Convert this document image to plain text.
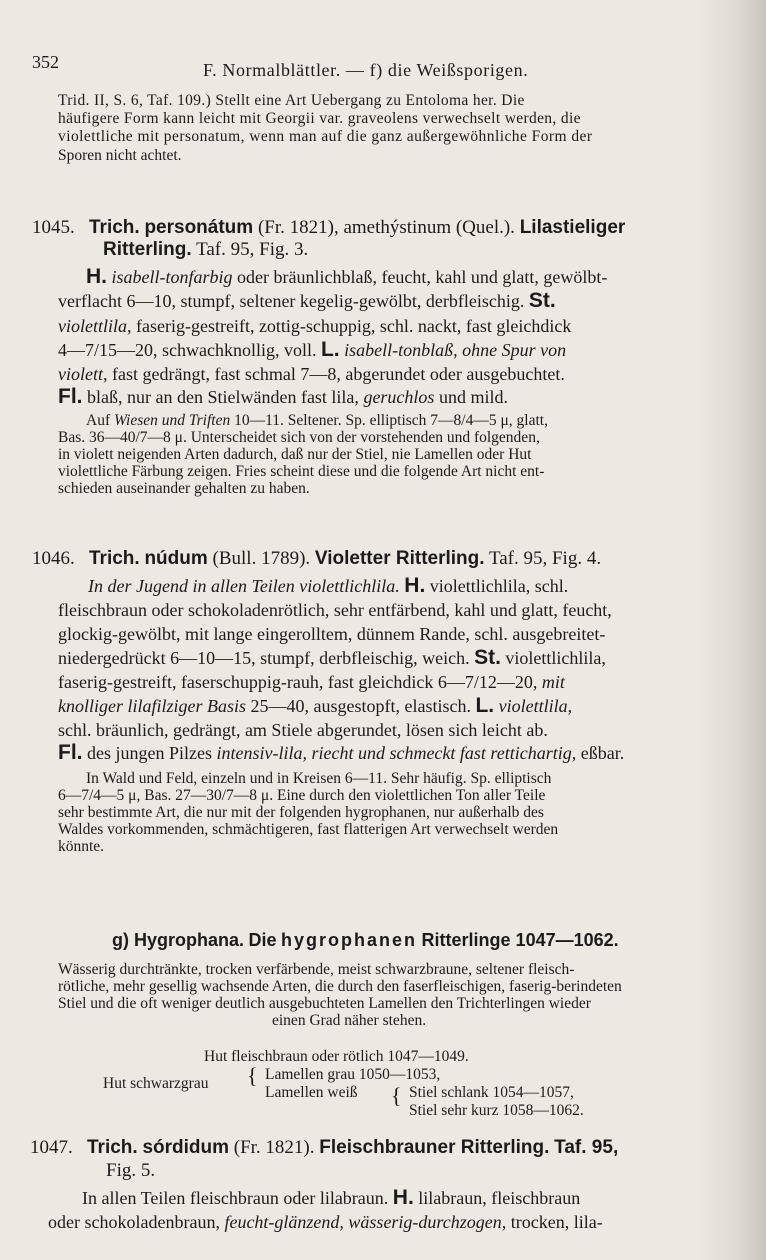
352	F. Normalblättler. — f) die Weißsporigen.
Trid. II, S. 6, Taf. 109.) Stellt eine Art Uebergang zu Entoloma her. Die
häufigere Form kann leicht mit Georgii var. graveolens verwechselt werden, die
violettliche mit personatum, wenn man auf die ganz außergewöhnliche Form der
Sporen nicht achtet.
1045. Trich. personátum (Fr. 1821), amethýstinum (Quel.). Lilastieliger
Ritterling. Taf. 95, Fig. 3.
H. isabell-tonfarbig oder bräunlichblaß, feucht, kahl und glatt, gewölbt-
verflacht 6—10, stumpf, seltener kegelig-gewölbt, derbfleischig. St.
violettlila, faserig-gestreift, zottig-schuppig, schl. nackt, fast gleichdick
4—7/15—20, schwachknollig, voll. L. isabell-tonblaß, ohne Spur von
violett, fast gedrängt, fast schmal 7—8, abgerundet oder ausgebuchtet.
Fl. blaß, nur an den Stielwänden fast lila, geruchlos und mild.
Auf Wiesen und Triften 10—11. Seltener. Sp. elliptisch 7—8/4—5 μ, glatt,
Bas. 36—40/7—8 μ. Unterscheidet sich von der vorstehenden und folgenden,
in violett neigenden Arten dadurch, daß nur der Stiel, nie Lamellen oder Hut
violettliche Färbung zeigen. Fries scheint diese und die folgende Art nicht ent-
schieden auseinander gehalten zu haben.
1046. Trich. núdum (Bull. 1789). Violetter Ritterling. Taf. 95, Fig. 4.
In der Jugend in allen Teilen violettlichlila. H. violettlichlila, schl.
fleischbraun oder schokoladenrötlich, sehr entfärbend, kahl und glatt, feucht,
glockig-gewölbt, mit lange eingerolltem, dünnem Rande, schl. ausgebreitet-
niedergedrückt 6—10—15, stumpf, derbfleischig, weich. St. violettlichlila,
faserig-gestreift, faserschuppig-rauh, fast gleichdick 6—7/12—20, mit
knolliger lilafilziger Basis 25—40, ausgestopft, elastisch. L. violettlila,
schl. bräunlich, gedrängt, am Stiele abgerundet, lösen sich leicht ab.
Fl. des jungen Pilzes intensiv-lila, riecht und schmeckt fast rettichartig, eßbar.
In Wald und Feld, einzeln und in Kreisen 6—11. Sehr häufig. Sp. elliptisch
6—7/4—5 μ, Bas. 27—30/7—8 μ. Eine durch den violettlichen Ton aller Teile
sehr bestimmte Art, die nur mit der folgenden hygrophanen, nur außerhalb des
Waldes vorkommenden, schmächtigeren, fast flatterigen Art verwechselt werden
könnte.
g) Hygrophana. Die hygrophanen Ritterlinge 1047—1062.
Wässerig durchtränkte, trocken verfärbende, meist schwarzbraune, seltener fleisch-
rötliche, mehr gesellig wachsende Arten, die durch den faserfleischigen, faserig-berindeten
Stiel und die oft weniger deutlich ausgebuchteten Lamellen den Trichterlingen wieder
einen Grad näher stehen.
Hut fleischbraun oder rötlich 1047—1049.
Hut schwarzgrau { Lamellen grau 1050—1053,
Lamellen weiß { Stiel schlank 1054—1057,
Stiel sehr kurz 1058—1062.
1047. Trich. sórdidum (Fr. 1821). Fleischbrauner Ritterling. Taf. 95,
Fig. 5.
In allen Teilen fleischbraun oder lilabraun. H. lilabraun, fleischbraun
oder schokoladenbraun, feucht-glänzend, wässerig-durchzogen, trocken, lila-
